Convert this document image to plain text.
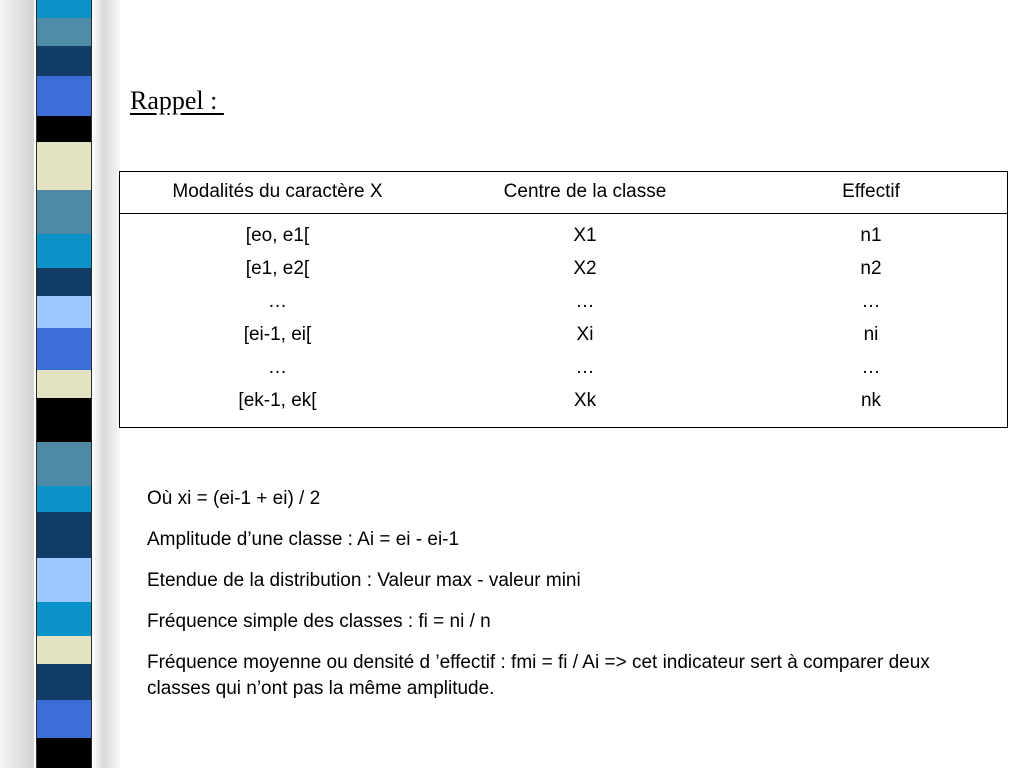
Rappel :
Modalités du caractère X	Centre de la classe	Effectif
[eo, e1[	X1	n1
[e1, e2[	X2	n2
…	…	…
[ei-1, ei[	Xi	ni
…	…	…
[ek-1, ek[	Xk	nk

Où xi = (ei-1 + ei) / 2

Amplitude d’une classe : Ai = ei - ei-1

Etendue de la distribution : Valeur max - valeur mini

Fréquence simple des classes : fi = ni / n

Fréquence moyenne ou densité d ’effectif : fmi = fi / Ai => cet indicateur sert à comparer deux classes qui n’ont pas la même amplitude.
